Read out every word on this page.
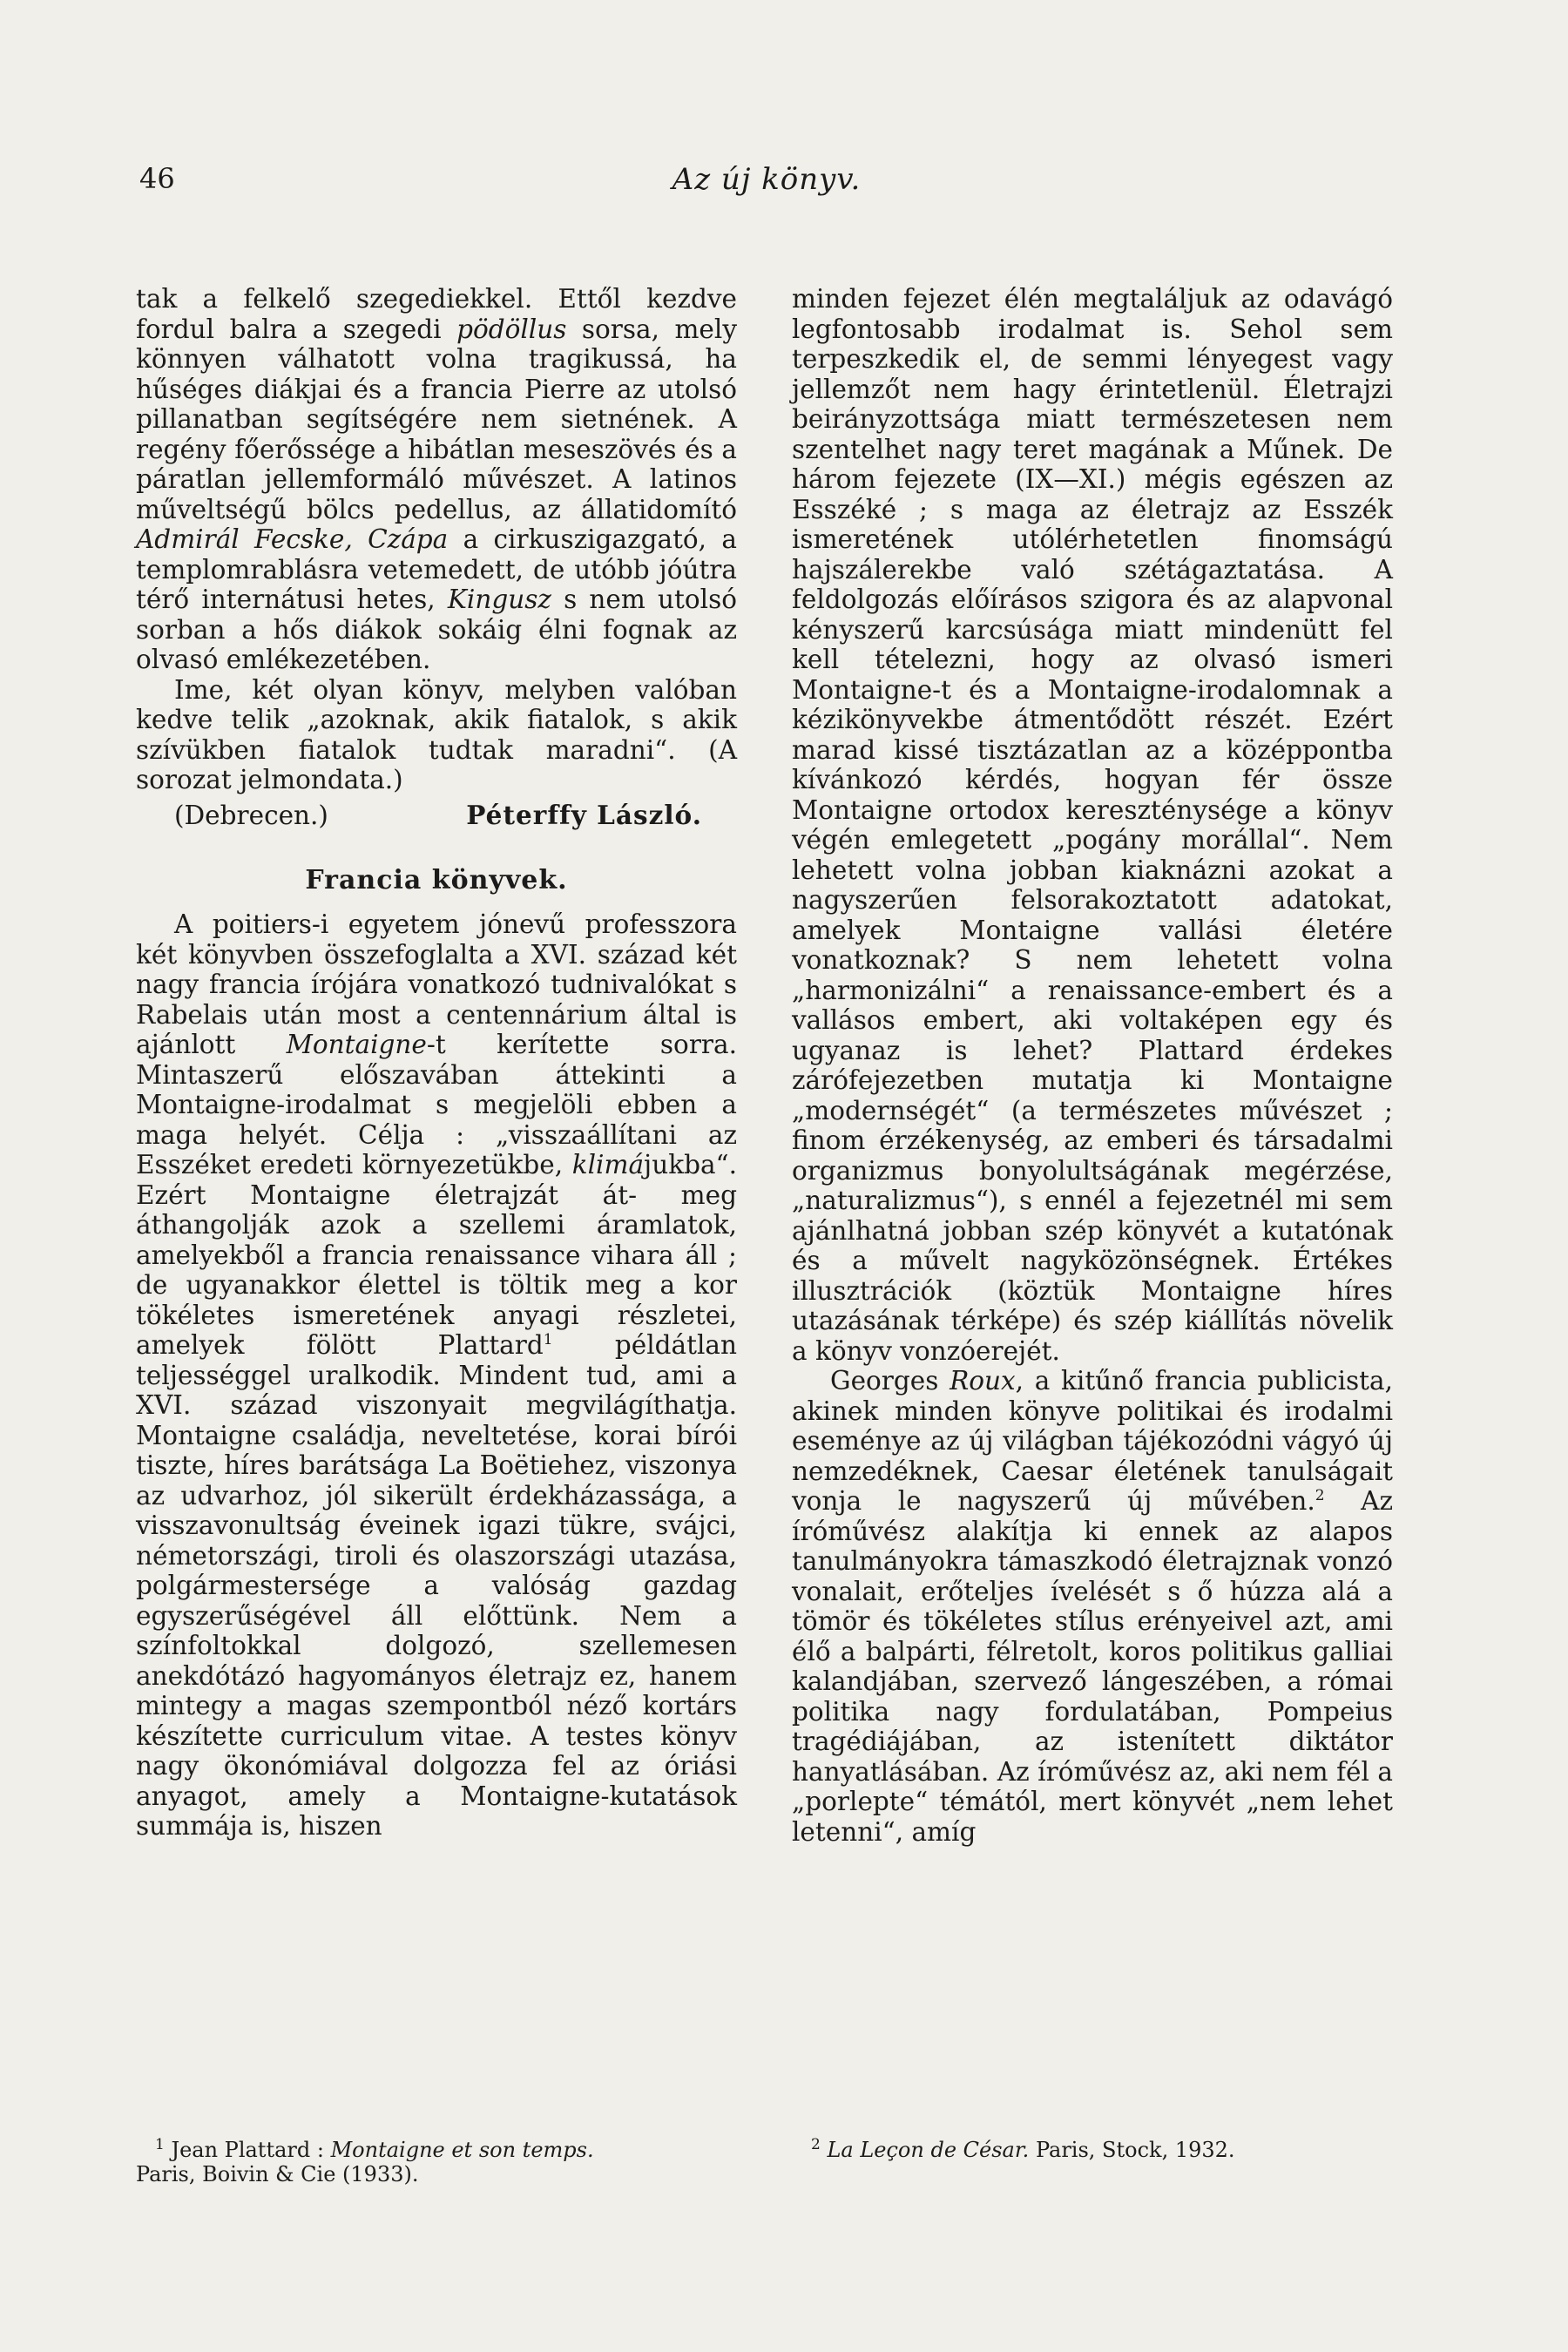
46	Az új könyv.

tak a felkelő szegediekkel. Ettől kezdve fordul balra a szegedi pödöllus sorsa, mely könnyen válhatott volna tragikussá, ha hűséges diákjai és a francia Pierre az utolsó pillanatban segítségére nem sietnének. A regény főerőssége a hibátlan meseszövés és a páratlan jellemformáló művészet. A latinos műveltségű bölcs pedellus, az állatidomító Admirál Fecske, Czápa a cirkuszigazgató, a templomrablásra vetemedett, de utóbb jóútra térő internátusi hetes, Kingusz s nem utolsó sorban a hős diákok sokáig élni fognak az olvasó emlékezetében.

Ime, két olyan könyv, melyben valóban kedve telik „azoknak, akik fiatalok, s akik szívükben fiatalok tudtak maradni“. (A sorozat jelmondata.)

(Debrecen.)	Péterffy László.
Francia könyvek.

A poitiers-i egyetem jónevű professzora két könyvben összefoglalta a XVI. század két nagy francia írójára vonatkozó tudnivalókat s Rabelais után most a centennárium által is ajánlott Montaigne-t kerítette sorra. Mintaszerű előszavában áttekinti a Montaigne-irodalmat s megjelöli ebben a maga helyét. Célja : „visszaállítani az Esszéket eredeti környezetükbe, klimájukba“. Ezért Montaigne életrajzát át- meg áthangolják azok a szellemi áramlatok, amelyekből a francia renaissance vihara áll ; de ugyanakkor élettel is töltik meg a kor tökéletes ismeretének anyagi részletei, amelyek fölött Plattard$^1$ példátlan teljességgel uralkodik. Mindent tud, ami a XVI. század viszonyait megvilágíthatja. Montaigne családja, neveltetése, korai bírói tiszte, híres barátsága La Boëtiehez, viszonya az udvarhoz, jól sikerült érdekházassága, a visszavonultság éveinek igazi tükre, svájci, németországi, tiroli és olaszországi utazása, polgármestersége a valóság gazdag egyszerűségével áll előttünk. Nem a színfoltokkal dolgozó, szellemesen anekdótázó hagyományos életrajz ez, hanem mintegy a magas szempontból néző kortárs készítette curriculum vitae. A testes könyv nagy ökonómiával dolgozza fel az óriási anyagot, amely a Montaigne-kutatások summája is, hiszen

minden fejezet élén megtaláljuk az odavágó legfontosabb irodalmat is. Sehol sem terpeszkedik el, de semmi lényegest vagy jellemzőt nem hagy érintetlenül. Életrajzi beirányzottsága miatt természetesen nem szentelhet nagy teret magának a Műnek. De három fejezete (IX—XI.) mégis egészen az Esszéké ; s maga az életrajz az Esszék ismeretének utólérhetetlen finomságú hajszálerekbe való szétágaztatása. A feldolgozás előírásos szigora és az alapvonal kényszerű karcsúsága miatt mindenütt fel kell tételezni, hogy az olvasó ismeri Montaigne-t és a Montaigne-irodalomnak a kézikönyvekbe átmentődött részét. Ezért marad kissé tisztázatlan az a középpontba kívánkozó kérdés, hogyan fér össze Montaigne ortodox kereszténysége a könyv végén emlegetett „pogány morállal“. Nem lehetett volna jobban kiaknázni azokat a nagyszerűen felsorakoztatott adatokat, amelyek Montaigne vallási életére vonatkoznak? S nem lehetett volna „harmonizálni“ a renaissance-embert és a vallásos embert, aki voltaképen egy és ugyanaz is lehet? Plattard érdekes zárófejezetben mutatja ki Montaigne „modernségét“ (a természetes művészet ; finom érzékenység, az emberi és társadalmi organizmus bonyolultságának megérzése, „naturalizmus“), s ennél a fejezetnél mi sem ajánlhatná jobban szép könyvét a kutatónak és a művelt nagyközönségnek. Értékes illusztrációk (köztük Montaigne híres utazásának térképe) és szép kiállítás növelik a könyv vonzóerejét.

Georges Roux, a kitűnő francia publicista, akinek minden könyve politikai és irodalmi eseménye az új világban tájékozódni vágyó új nemzedéknek, Caesar életének tanulságait vonja le nagyszerű új művében.$^2$ Az íróművész alakítja ki ennek az alapos tanulmányokra támaszkodó életrajznak vonzó vonalait, erőteljes ívelését s ő húzza alá a tömör és tökéletes stílus erényeivel azt, ami élő a balpárti, félretolt, koros politikus galliai kalandjában, szervező lángeszében, a római politika nagy fordulatában, Pompeius tragédiájában, az istenített diktátor hanyatlásában. Az íróművész az, aki nem fél a „porlepte“ témától, mert könyvét „nem lehet letenni“, amíg

$^1$ Jean Plattard : Montaigne et son temps.
Paris, Boivin & Cie (1933).
$^2$ La Leçon de César. Paris, Stock, 1932.
